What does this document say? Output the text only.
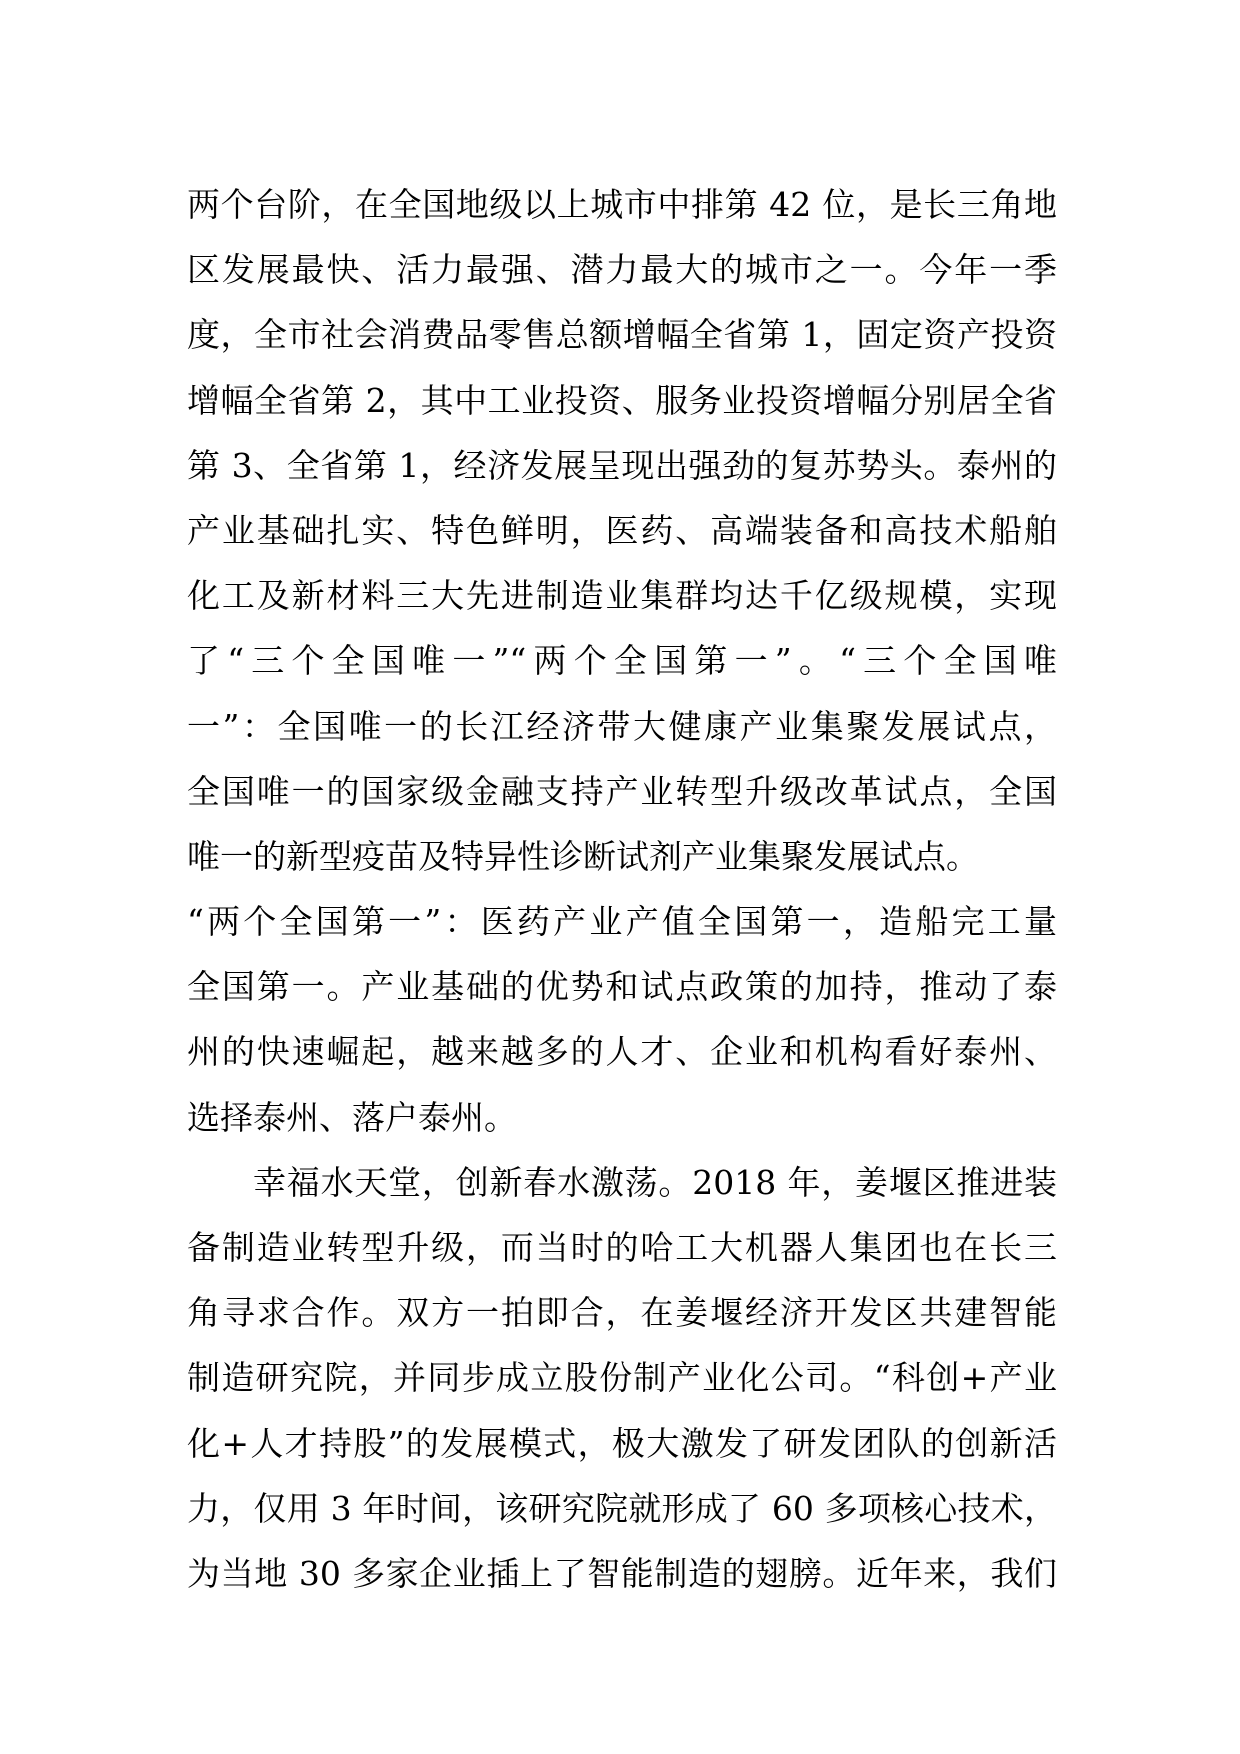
两个台阶，在全国地级以上城市中排第 42 位，是长三角地
区发展最快、活力最强、潜力最大的城市之一。今年一季
度，全市社会消费品零售总额增幅全省第 1，固定资产投资
增幅全省第 2，其中工业投资、服务业投资增幅分别居全省
第 3、全省第 1，经济发展呈现出强劲的复苏势头。泰州的
产业基础扎实、特色鲜明，医药、高端装备和高技术船舶
化工及新材料三大先进制造业集群均达千亿级规模，实现
了“三个全国唯一”“两个全国第一”。“三个全国唯
一”：全国唯一的长江经济带大健康产业集聚发展试点，
全国唯一的国家级金融支持产业转型升级改革试点，全国
唯一的新型疫苗及特异性诊断试剂产业集聚发展试点。
“两个全国第一”：医药产业产值全国第一，造船完工量
全国第一。产业基础的优势和试点政策的加持，推动了泰
州的快速崛起，越来越多的人才、企业和机构看好泰州、
选择泰州、落户泰州。
幸福水天堂，创新春水激荡。2018 年，姜堰区推进装
备制造业转型升级，而当时的哈工大机器人集团也在长三
角寻求合作。双方一拍即合，在姜堰经济开发区共建智能
制造研究院，并同步成立股份制产业化公司。“科创+产业
化+人才持股”的发展模式，极大激发了研发团队的创新活
力，仅用 3 年时间，该研究院就形成了 60 多项核心技术，
为当地 30 多家企业插上了智能制造的翅膀。近年来，我们
